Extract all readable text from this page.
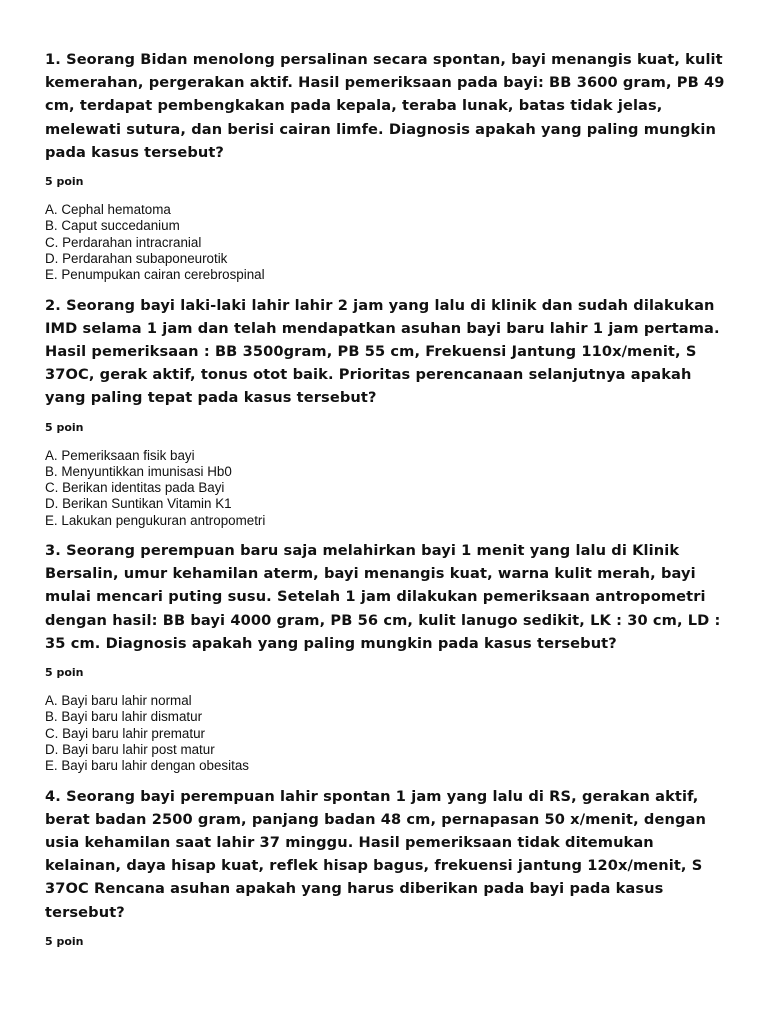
1. Seorang Bidan menolong persalinan secara spontan, bayi menangis kuat, kulit kemerahan, pergerakan aktif. Hasil pemeriksaan pada bayi: BB 3600 gram, PB 49 cm, terdapat pembengkakan pada kepala, teraba lunak, batas tidak jelas, melewati sutura, dan berisi cairan limfe. Diagnosis apakah yang paling mungkin pada kasus tersebut?

5 poin
A. Cephal hematoma
B. Caput succedanium
C. Perdarahan intracranial
D. Perdarahan subaponeurotik
E. Penumpukan cairan cerebrospinal

2. Seorang bayi laki-laki lahir lahir 2 jam yang lalu di klinik dan sudah dilakukan IMD selama 1 jam dan telah mendapatkan asuhan bayi baru lahir 1 jam pertama. Hasil pemeriksaan : BB 3500gram, PB 55 cm, Frekuensi Jantung 110x/menit, S 37OC, gerak aktif, tonus otot baik. Prioritas perencanaan selanjutnya apakah yang paling tepat pada kasus tersebut?

5 poin
A. Pemeriksaan fisik bayi
B. Menyuntikkan imunisasi Hb0
C. Berikan identitas pada Bayi
D. Berikan Suntikan Vitamin K1
E. Lakukan pengukuran antropometri

3. Seorang perempuan baru saja melahirkan bayi 1 menit yang lalu di Klinik Bersalin, umur kehamilan aterm, bayi menangis kuat, warna kulit merah, bayi mulai mencari puting susu. Setelah 1 jam dilakukan pemeriksaan antropometri dengan hasil: BB bayi 4000 gram, PB 56 cm, kulit lanugo sedikit, LK : 30 cm, LD : 35 cm. Diagnosis apakah yang paling mungkin pada kasus tersebut?

5 poin
A. Bayi baru lahir normal
B. Bayi baru lahir dismatur
C. Bayi baru lahir prematur
D. Bayi baru lahir post matur
E. Bayi baru lahir dengan obesitas

4. Seorang bayi perempuan lahir spontan 1 jam yang lalu di RS, gerakan aktif, berat badan 2500 gram, panjang badan 48 cm, pernapasan 50 x/menit, dengan usia kehamilan saat lahir 37 minggu. Hasil pemeriksaan tidak ditemukan kelainan, daya hisap kuat, reflek hisap bagus, frekuensi jantung 120x/menit, S 37OC Rencana asuhan apakah yang harus diberikan pada bayi pada kasus tersebut?

5 poin
